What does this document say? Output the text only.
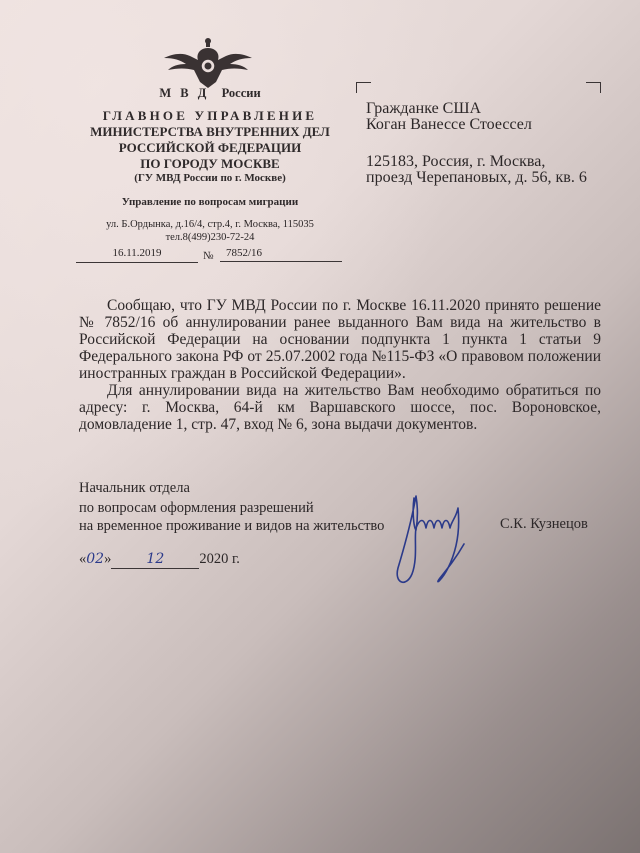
М В Д России
ГЛАВНОЕ УПРАВЛЕНИЕ
МИНИСТЕРСТВА ВНУТРЕННИХ ДЕЛ
РОССИЙСКОЙ ФЕДЕРАЦИИ
ПО ГОРОДУ МОСКВЕ
(ГУ МВД России по г. Москве)
Управление по вопросам миграции
ул. Б.Ордынка, д.16/4, стр.4, г. Москва, 115035
тел.8(499)230-72-24
16.11.2019	№	7852/16
Гражданке США
Коган Ванессе Стоессел
125183, Россия, г. Москва,
проезд Черепановых, д. 56, кв. 6
Сообщаю, что ГУ МВД России по г. Москве 16.11.2020 принято решение № 7852/16 об аннулировании ранее выданного Вам вида на жительство в Российской Федерации на основании подпункта 1 пункта 1 статьи 9 Федерального закона РФ от 25.07.2002 года №115-ФЗ «О правовом положении иностранных граждан в Российской Федерации».
Для аннулировании вида на жительство Вам необходимо обратиться по адресу: г. Москва, 64-й км Варшавского шоссе, пос. Вороновское, домовладение 1, стр. 47, вход № 6, зона выдачи документов.
Начальник отдела
по вопросам оформления разрешений
на временное проживание и видов на жительство	С.К. Кузнецов
«02»	12 2020 г.
